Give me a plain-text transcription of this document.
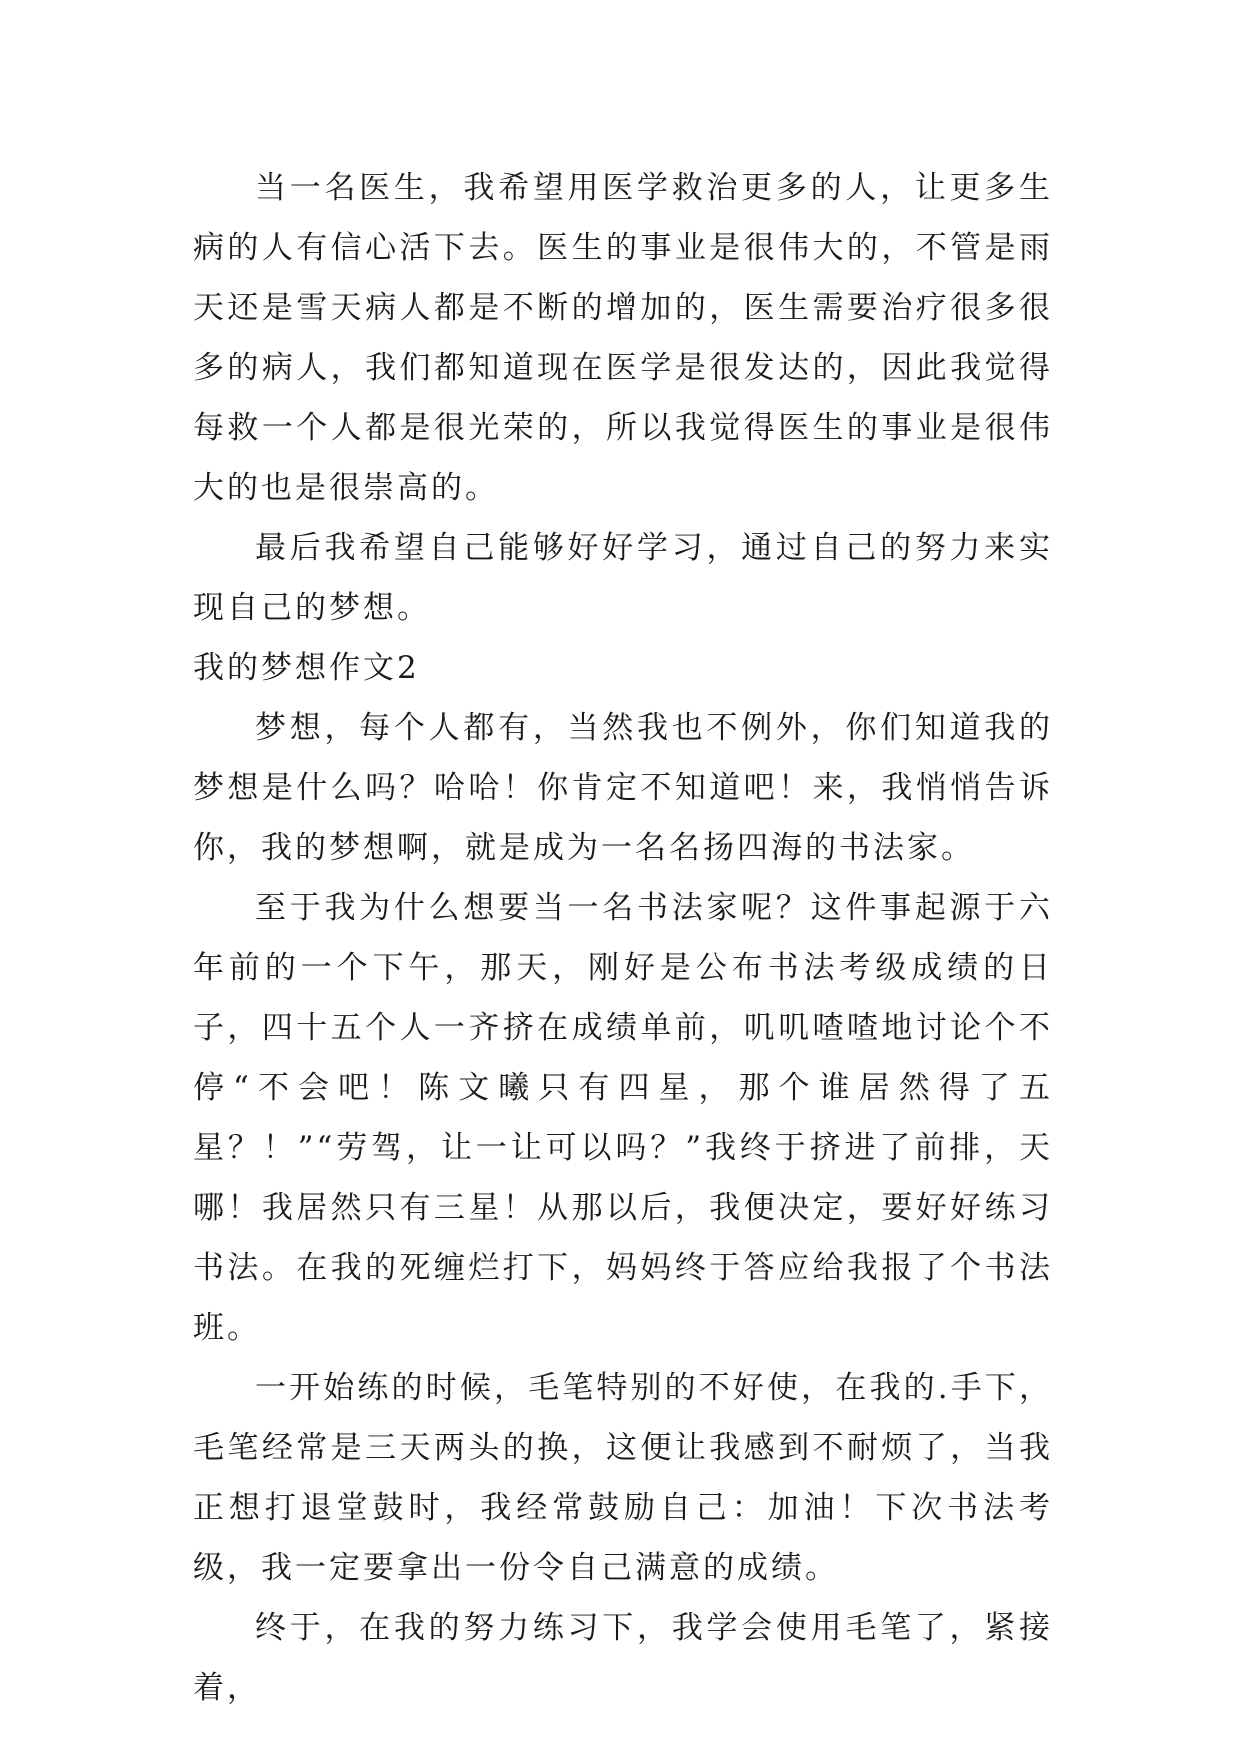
当一名医生，我希望用医学救治更多的人，让更多生病的人有信心活下去。医生的事业是很伟大的，不管是雨天还是雪天病人都是不断的增加的，医生需要治疗很多很多的病人，我们都知道现在医学是很发达的，因此我觉得每救一个人都是很光荣的，所以我觉得医生的事业是很伟大的也是很崇高的。

最后我希望自己能够好好学习，通过自己的努力来实现自己的梦想。

我的梦想作文2

梦想，每个人都有，当然我也不例外，你们知道我的梦想是什么吗？哈哈！你肯定不知道吧！来，我悄悄告诉你，我的梦想啊，就是成为一名名扬四海的书法家。

至于我为什么想要当一名书法家呢？这件事起源于六年前的一个下午，那天，刚好是公布书法考级成绩的日子，四十五个人一齐挤在成绩单前，叽叽喳喳地讨论个不停“不会吧！陈文曦只有四星，那个谁居然得了五星？！”“劳驾，让一让可以吗？”我终于挤进了前排，天哪！我居然只有三星！从那以后，我便决定，要好好练习书法。在我的死缠烂打下，妈妈终于答应给我报了个书法班。

一开始练的时候，毛笔特别的不好使，在我的.手下，毛笔经常是三天两头的换，这便让我感到不耐烦了，当我正想打退堂鼓时，我经常鼓励自己：加油！下次书法考级，我一定要拿出一份令自己满意的成绩。

终于，在我的努力练习下，我学会使用毛笔了，紧接着，
